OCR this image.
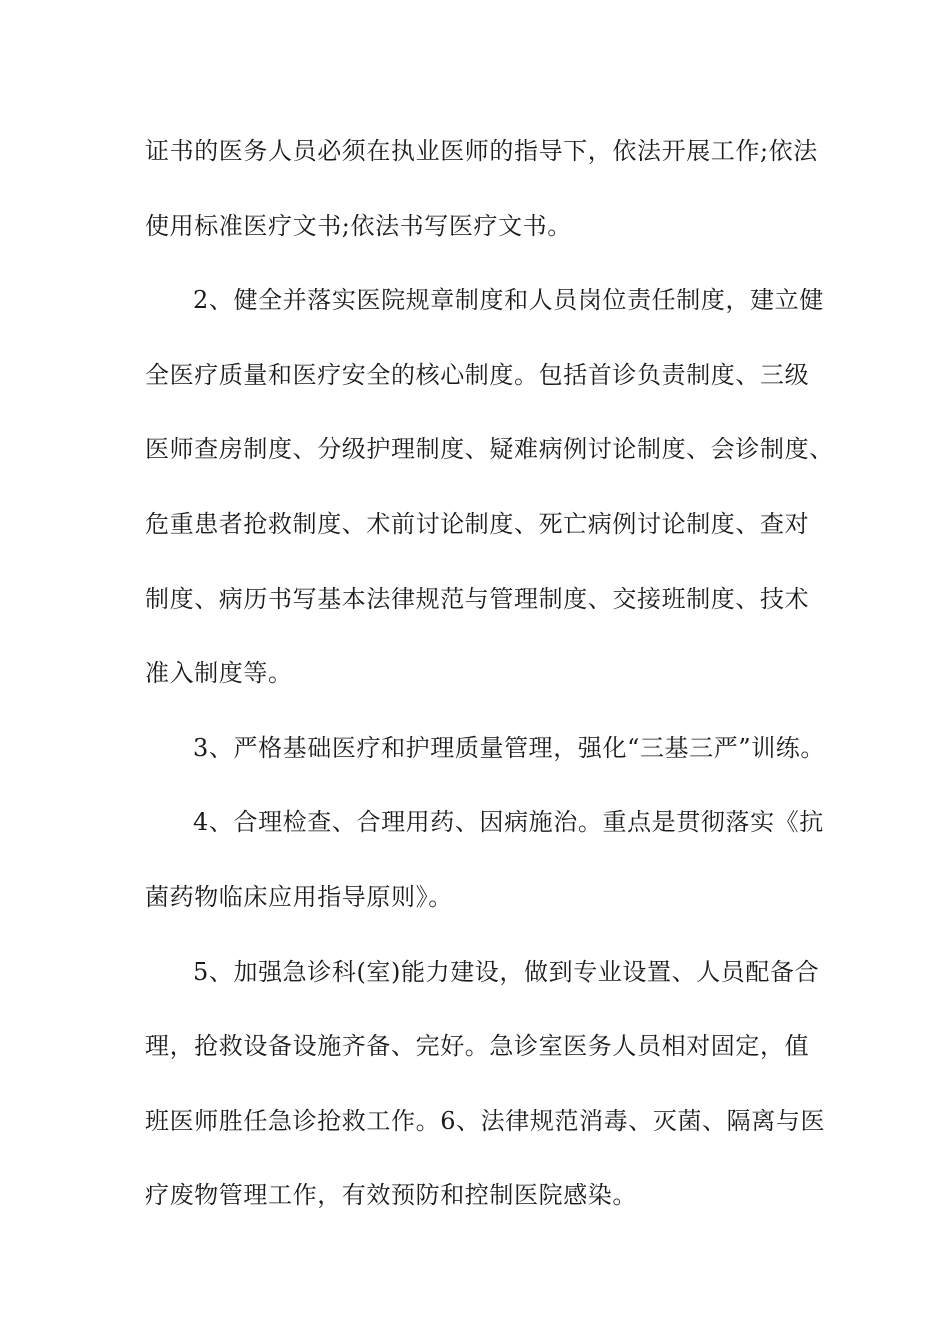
证书的医务人员必须在执业医师的指导下，依法开展工作;依法
使用标准医疗文书;依法书写医疗文书。
2、健全并落实医院规章制度和人员岗位责任制度，建立健
全医疗质量和医疗安全的核心制度。包括首诊负责制度、三级
医师查房制度、分级护理制度、疑难病例讨论制度、会诊制度、
危重患者抢救制度、术前讨论制度、死亡病例讨论制度、查对
制度、病历书写基本法律规范与管理制度、交接班制度、技术
准入制度等。
3、严格基础医疗和护理质量管理，强化“三基三严”训练。
4、合理检查、合理用药、因病施治。重点是贯彻落实《抗
菌药物临床应用指导原则》。
5、加强急诊科(室)能力建设，做到专业设置、人员配备合
理，抢救设备设施齐备、完好。急诊室医务人员相对固定，值
班医师胜任急诊抢救工作。6、法律规范消毒、灭菌、隔离与医
疗废物管理工作，有效预防和控制医院感染。
